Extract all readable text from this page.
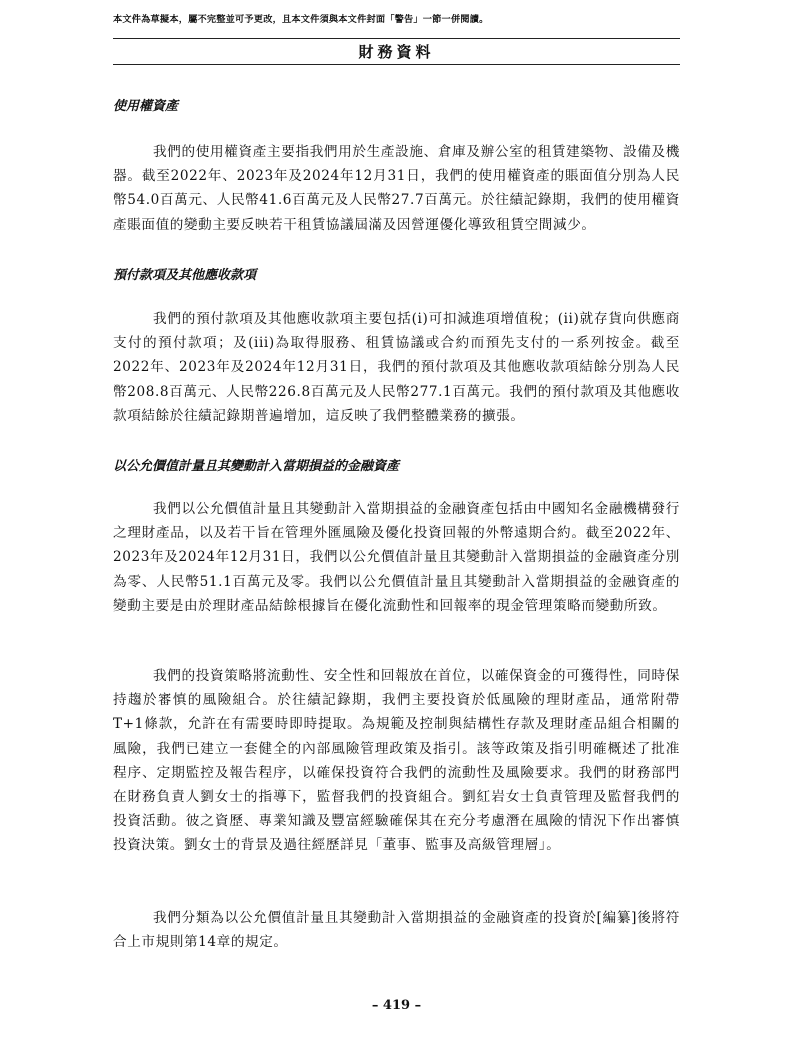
本文件為草擬本，屬不完整並可予更改，且本文件須與本文件封面「警告」一節一併閱讀。
財務資料
使用權資產

我們的使用權資產主要指我們用於生產設施、倉庫及辦公室的租賃建築物、設備及機器。截至2022年、2023年及2024年12月31日，我們的使用權資產的賬面值分別為人民幣54.0百萬元、人民幣41.6百萬元及人民幣27.7百萬元。於往績記錄期，我們的使用權資產賬面值的變動主要反映若干租賃協議屆滿及因營運優化導致租賃空間減少。

預付款項及其他應收款項

我們的預付款項及其他應收款項主要包括(i)可扣減進項增值稅；(ii)就存貨向供應商支付的預付款項；及(iii)為取得服務、租賃協議或合約而預先支付的一系列按金。截至2022年、2023年及2024年12月31日，我們的預付款項及其他應收款項結餘分別為人民幣208.8百萬元、人民幣226.8百萬元及人民幣277.1百萬元。我們的預付款項及其他應收款項結餘於往績記錄期普遍增加，這反映了我們整體業務的擴張。

以公允價值計量且其變動計入當期損益的金融資產

我們以公允價值計量且其變動計入當期損益的金融資產包括由中國知名金融機構發行之理財產品，以及若干旨在管理外匯風險及優化投資回報的外幣遠期合約。截至2022年、2023年及2024年12月31日，我們以公允價值計量且其變動計入當期損益的金融資產分別為零、人民幣51.1百萬元及零。我們以公允價值計量且其變動計入當期損益的金融資產的變動主要是由於理財產品結餘根據旨在優化流動性和回報率的現金管理策略而變動所致。

我們的投資策略將流動性、安全性和回報放在首位，以確保資金的可獲得性，同時保持趨於審慎的風險組合。於往績記錄期，我們主要投資於低風險的理財產品，通常附帶T+1條款，允許在有需要時即時提取。為規範及控制與結構性存款及理財產品組合相關的風險，我們已建立一套健全的內部風險管理政策及指引。該等政策及指引明確概述了批准程序、定期監控及報告程序，以確保投資符合我們的流動性及風險要求。我們的財務部門在財務負責人劉女士的指導下，監督我們的投資組合。劉紅岩女士負責管理及監督我們的投資活動。彼之資歷、專業知識及豐富經驗確保其在充分考慮潛在風險的情況下作出審慎投資決策。劉女士的背景及過往經歷詳見「董事、監事及高級管理層」。

我們分類為以公允價值計量且其變動計入當期損益的金融資產的投資於[編纂]後將符合上市規則第14章的規定。

– 419 –
